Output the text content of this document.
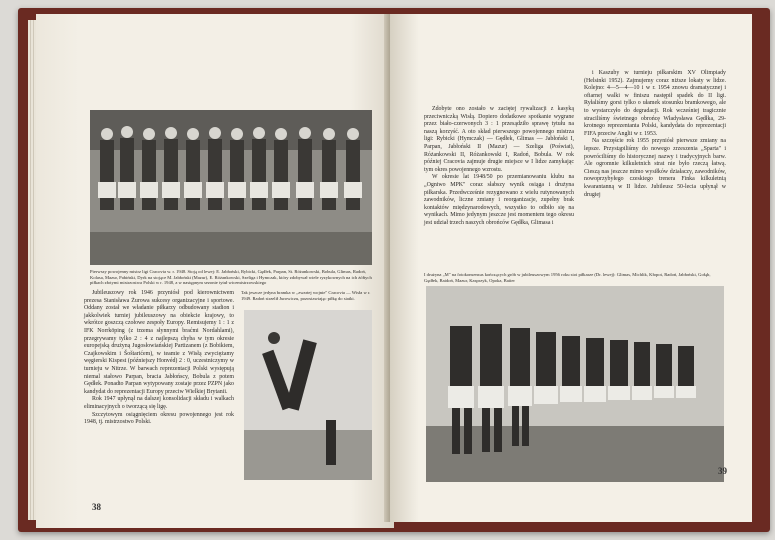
Pierwszy powojenny mistrz ligi Cracovia w. r. 1948. Stoją od lewej: E. Jabłoński, Rybicki, Gędłek, Parpan, St. Różankowski, Bobula, Glimas, Radoń, Kolasa, Mazur, Pabiński, Dyrk na stojące M. Jabłoński (Mazur), E. Różankowski, Szeliga i Hymczak, który zdobywał wiele ryzykownych na ich żółtych piłkach złotymi mistrzostwa Polski w r. 1948, a w następnym sezonie tytuł wicemistrzowskiego

Jubileuszowy rok 1946 przyniósł pod kierownictwem prezesa Stanisława Żurowa sukcesy organizacyjne i sportowe. Oddany został we władanie piłkarzy odbudowany stadion i jakkolwiek turniej jubileuszowy na obiekcie krajowy, to wkrótce goszczą czołowe zespoły Europy. Remisujemy 1 : 1 z IFK Norrköping (z trzema słynnymi braćmi Nordahlami), przegrywamy tylko 2 : 4 z najlepszą chyba w tym okresie europejską drużyną Jugosłowiańskiej Partizanem (z Bobikiem, Czajkowskim i Šoštarićem), w teamie z Wisłą zwyciężamy węgierski Kispest (późniejszy Honvéd) 2 : 0, uczestniczymy w turnieju w Nitrze. W barwach reprezentacji Polski występują niemal stałowo Parpan, bracia Jabłońscy, Bobula z potem Gędłek. Ponadto Parpan wytypowany zostaje przez PZPN jako kandydat do reprezentacji Europy przeciw Wielkiej Brytanii.

Rok 1947 upłynął na dalszej konsolidacji składu i walkach eliminacyjnych o tworzącą się ligę.

Szczytowym osiągnięciem okresu powojennego jest rok 1948, tj. mistrzostwo Polski.

Tak jeszcze jedyna bramka w „zwartej wojnie" Cracovia — Wisła w r. 1949. Radoń strzelił Jurowiczu, pozostawiając piłkę do siatki.
38

Zdobyte ono zostało w zaciętej rywalizacji z kasyką przeciwniczką Wisłą. Dopiero dodatkowe spotkanie wygrane przez biało-czerwonych 3 : 1 przesądziło sprawę tytułu na naszą korzyść. A oto skład pierwszego powojennego mistrza ligi: Rybicki (Hymczak) — Gędłek, Glimas — Jabłoński I, Parpan, Jabłoński II (Mazur) — Szeliga (Poświat), Różankowski II, Różankowski I, Radoń, Bobula. W rok później Cracovia zajmuje drugie miejsce w I lidze zamykając tym okres powojennego wzrostu.

W okresie lat 1948/50 po przemianowaniu klubu na „Ogniwo MPK" coraz słabszy wynik osiąga i drużyna piłkarska. Przedwcześnie rezygnowano z wielu rutynowanych zawodników, liczne zmiany i reorganizacje, zupełny brak kontaktów międzynarodowych, wszystko to odbiło się na wynikach. Mimo jedynym jeszcze jest momentem tego okresu jest udział trzech naszych obrońców Gędłka, Glimasa i

i Kaszuby w turnieju piłkarskim XV Olimpiady (Helsinki 1952). Zajmujemy coraz niższe lokaty w lidze. Kolejno: 4—5—4—10 i w r. 1954 znowu dramatycznej i ofiarnej walki w finiszu następił spadek do II ligi. Ryłaliśmy gorsi tylko o ułamek stosunku bramkowego, ale to wystarczyło do degradacji. Rok wcześniej tragicznie straciliśmy świetnego obrońcę Władysława Gędłka, 29-krotnego reprezentanta Polski, kandydata do reprezentacji FIFA przeciw Anglii w r. 1953.

Na szczęście rok 1955 przyniósł pierwsze zmiany na lepsze. Przystąpiliśmy do nowego zrzeszenia „Sparta" i powróciliśmy do historycznej nazwy i tradycyjnych barw. Ale ogromnie kilkuletnich strat nie było rzeczą łatwą. Cieszą nas jeszcze mimo wysiłków działaczy, zawodników, nowoprzybyłego czeskiego trenera Finka kilkuletnią kwarantanną w II lidze. Jubileusz 50-lecia upłynął w drugiej

I drużyna „M" na fotokonsensus kończących grób w jubileuszowym 1956 roku stoi piłkarze (Dr. lewej): Glimas, Michlik, Kłopot, Radoń, Jabłoński, Gołąb, Gędłek, Baidoń, Mazur, Kasprzyk, Opoka, Baiier
39
